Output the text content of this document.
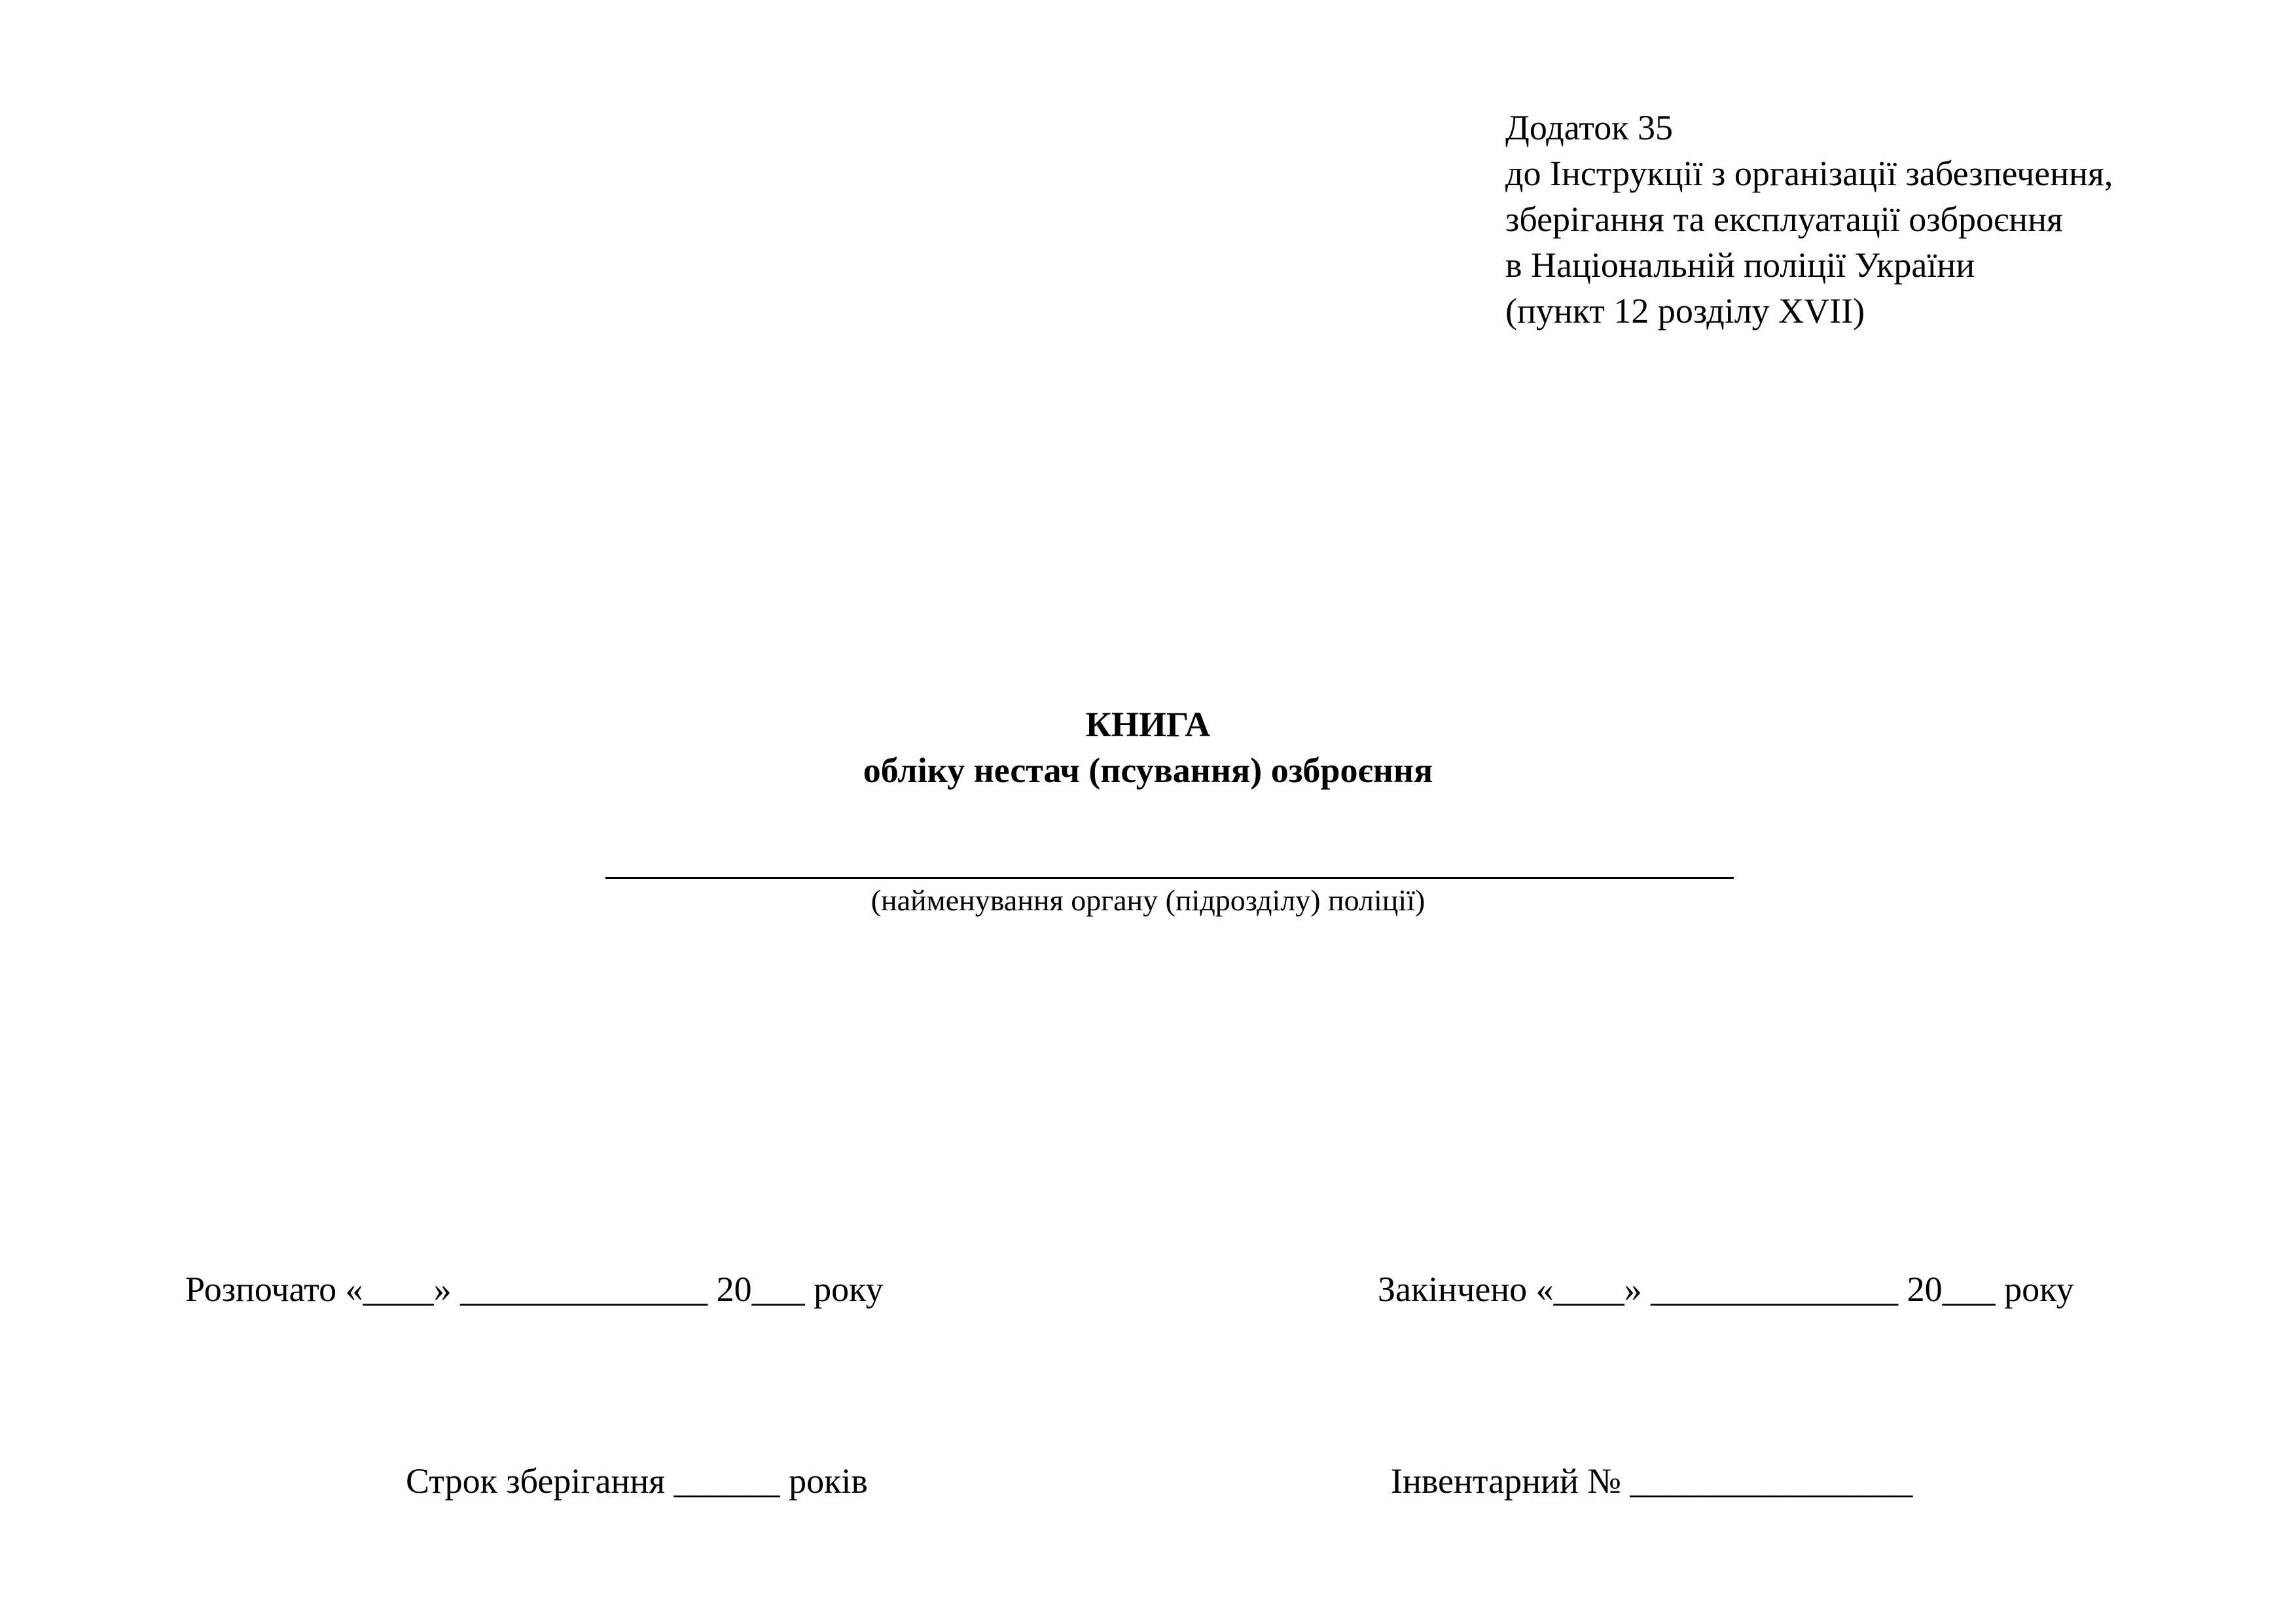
Додаток 35
до Інструкції з організації забезпечення,
зберігання та експлуатації озброєння
в Національній поліції України
(пункт 12 розділу XVII)
КНИГА
обліку нестач (псування) озброєння
(найменування органу (підрозділу) поліції)
Розпочато «____» ______________ 20___ року	Закінчено «____» ______________ 20___ року
Строк зберігання ______ років	Інвентарний № ________________
